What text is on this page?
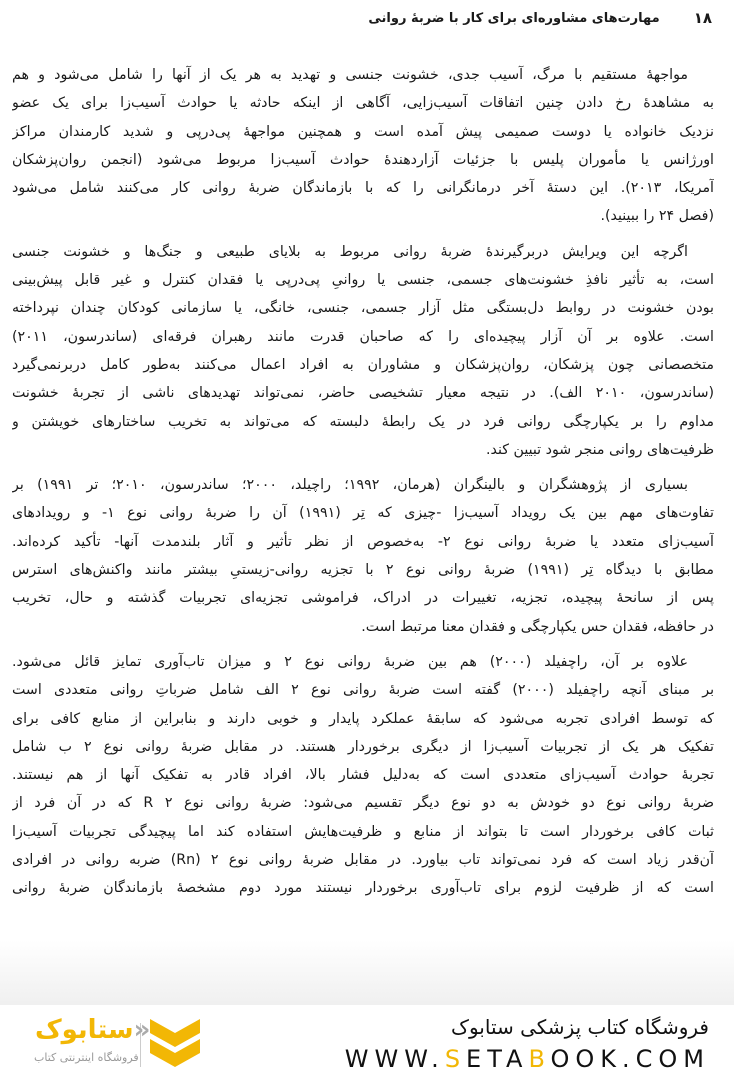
۱۸
مهارت‌های مشاوره‌ای برای کار با ضربهٔ روانی
مواجههٔ مستقیم با مرگ، آسیب جدی، خشونت جنسی و تهدید به هر یک از آنها را شامل می‌شود و هم
به مشاهدهٔ رخ دادن چنین اتفاقات آسیب‌زایی، آگاهی از اینکه حادثه یا حوادث آسیب‌زا برای یک عضو
نزدیک خانواده یا دوست صمیمی پیش آمده است و همچنین مواجههٔ پی‌درپی و شدید کارمندان مراکز
اورژانس یا مأموران پلیس با جزئیات آزاردهندهٔ حوادث آسیب‌زا مربوط می‌شود (انجمن روان‌پزشکان
آمریکا، ۲۰۱۳). این دستهٔ آخر درمانگرانی را که با بازماندگان ضربهٔ روانی کار می‌کنند شامل می‌شود
(فصل ۲۴ را ببینید).
اگرچه این ویرایش دربرگیرندهٔ ضربهٔ روانی مربوط به بلایای طبیعی و جنگ‌ها و خشونت جنسی
است، به تأثیر نافذِ خشونت‌های جسمی، جنسی یا روانیِ پی‌درپی یا فقدان کنترل و غیر قابل پیش‌بینی
بودن خشونت در روابط دل‌بستگی مثل آزار جسمی، جنسی، خانگی، یا سازمانی کودکان چندان نپرداخته
است. علاوه بر آن آزار پیچیده‌ای را که صاحبان قدرت مانند رهبران فرقه‌ای (ساندرسون، ۲۰۱۱)
متخصصانی چون پزشکان، روان‌پزشکان و مشاوران به افراد اعمال می‌کنند به‌طور کامل دربرنمی‌گیرد
(ساندرسون، ۲۰۱۰ الف). در نتیجه معیار تشخیصی حاضر، نمی‌تواند تهدیدهای ناشی از تجربهٔ خشونت
مداوم را بر یکپارچگی روانی فرد در یک رابطهٔ دلبسته که می‌تواند به تخریب ساختارهای خویشتن و
ظرفیت‌های روانی منجر شود تبیین کند.
بسیاری از پژوهشگران و بالینگران (هرمان، ۱۹۹۲؛ راچیلد، ۲۰۰۰؛ ساندرسون، ۲۰۱۰؛ تر ۱۹۹۱) بر
تفاوت‌های مهم بین یک رویداد آسیب‌زا -چیزی که تِر (۱۹۹۱) آن را ضربهٔ روانی نوع ۱- و رویدادهای
آسیب‌زای متعدد یا ضربهٔ روانی نوع ۲- به‌خصوص از نظر تأثیر و آثار بلندمدت آنها- تأکید کرده‌اند.
مطابق با دیدگاه تِر (۱۹۹۱) ضربهٔ روانی نوع ۲ با تجزیه روانی-زیستیِ بیشتر مانند واکنش‌های استرس
پس از سانحهٔ پیچیده، تجزیه، تغییرات در ادراک، فراموشی تجزیه‌ای تجربیات گذشته و حال، تخریب
در حافظه، فقدان حس یکپارچگی و فقدان معنا مرتبط است.
علاوه بر آن، راچفیلد (۲۰۰۰) هم بین ضربهٔ روانی نوع ۲ و میزان تاب‌آوری تمایز قائل می‌شود.
بر مبنای آنچه راچفیلد (۲۰۰۰) گفته است ضربهٔ روانی نوع ۲ الف شامل ضرباتِ روانی متعددی است
که توسط افرادی تجربه می‌شود که سابقهٔ عملکرد پایدار و خوبی دارند و بنابراین از منابع کافی برای
تفکیک هر یک از تجربیات آسیب‌زا از دیگری برخوردار هستند. در مقابل ضربهٔ روانی نوع ۲ ب شامل
تجربهٔ حوادث آسیب‌زای متعددی است که به‌دلیل فشار بالا، افراد قادر به تفکیک آنها از هم نیستند.
ضربهٔ روانی نوع دو خودش به دو نوع دیگر تقسیم می‌شود: ضربهٔ روانی نوع ۲ R که در آن فرد از
ثبات کافی برخوردار است تا بتواند از منابع و ظرفیت‌هایش استفاده کند اما پیچیدگی تجربیات آسیب‌زا
آن‌قدر زیاد است که فرد نمی‌تواند تاب بیاورد. در مقابل ضربهٔ روانی نوع ۲ (Rn) ضربه روانی در افرادی
است که از ظرفیت لزوم برای تاب‌آوری برخوردار نیستند مورد دوم مشخصهٔ بازماندگان ضربهٔ روانی
«ستابوک
فروشگاه اینترنتی کتاب
فروشگاه کتاب پزشکی ستابوک
WWW.SETABOOK.COM
